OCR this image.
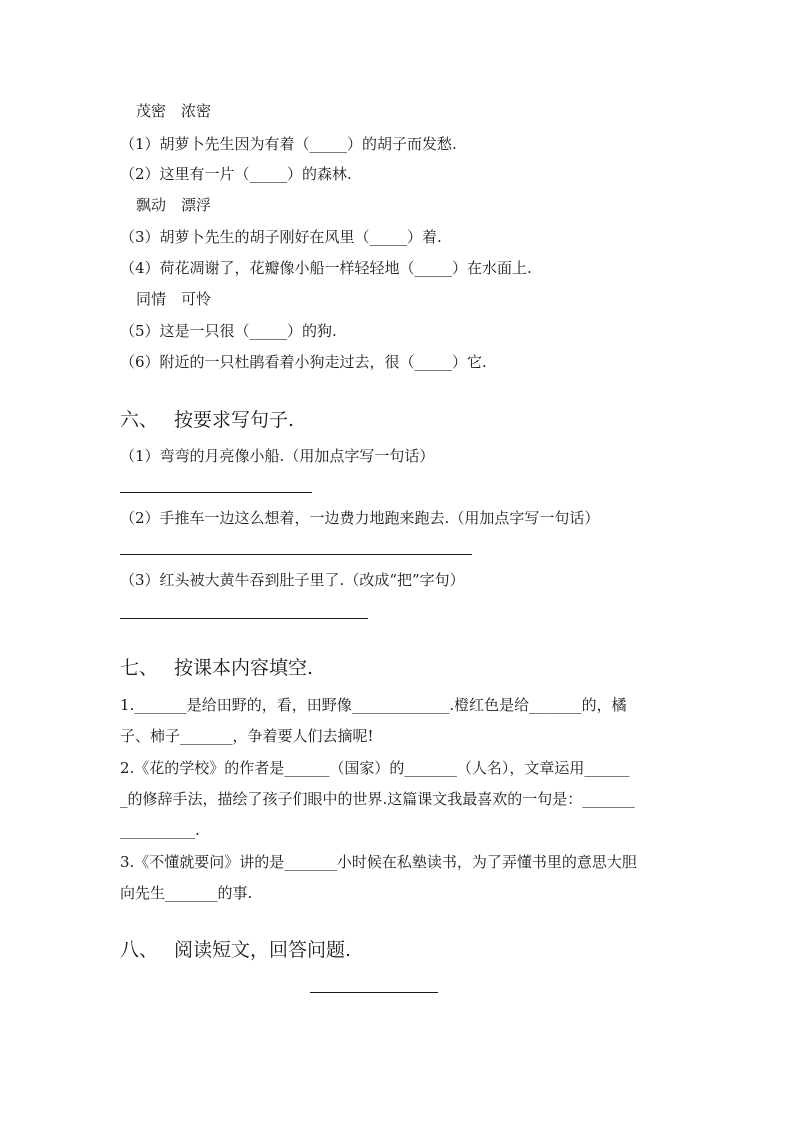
茂密　浓密
（1）胡萝卜先生因为有着（_____）的胡子而发愁.
（2）这里有一片（_____）的森林.
飘动　漂浮
（3）胡萝卜先生的胡子刚好在风里（_____）着.
（4）荷花凋谢了，花瓣像小船一样轻轻地（_____）在水面上.
同情　可怜
（5）这是一只很（_____）的狗.
（6）附近的一只杜鹃看着小狗走过去，很（_____）它.
六、 按要求写句子.
（1）弯弯的月亮像小船.（用加点字写一句话）
（2）手推车一边这么想着，一边费力地跑来跑去.（用加点字写一句话）
（3）红头被大黄牛吞到肚子里了.（改成“把”字句）
七、 按课本内容填空.
1._______是给田野的，看，田野像_____________.橙红色是给_______的，橘
子、柿子_______，争着要人们去摘呢!
2.《花的学校》的作者是______（国家）的_______（人名），文章运用______
_的修辞手法，描绘了孩子们眼中的世界.这篇课文我最喜欢的一句是：_______
__________.
3.《不懂就要问》讲的是_______小时候在私塾读书，为了弄懂书里的意思大胆
向先生_______的事.
八、 阅读短文，回答问题.
